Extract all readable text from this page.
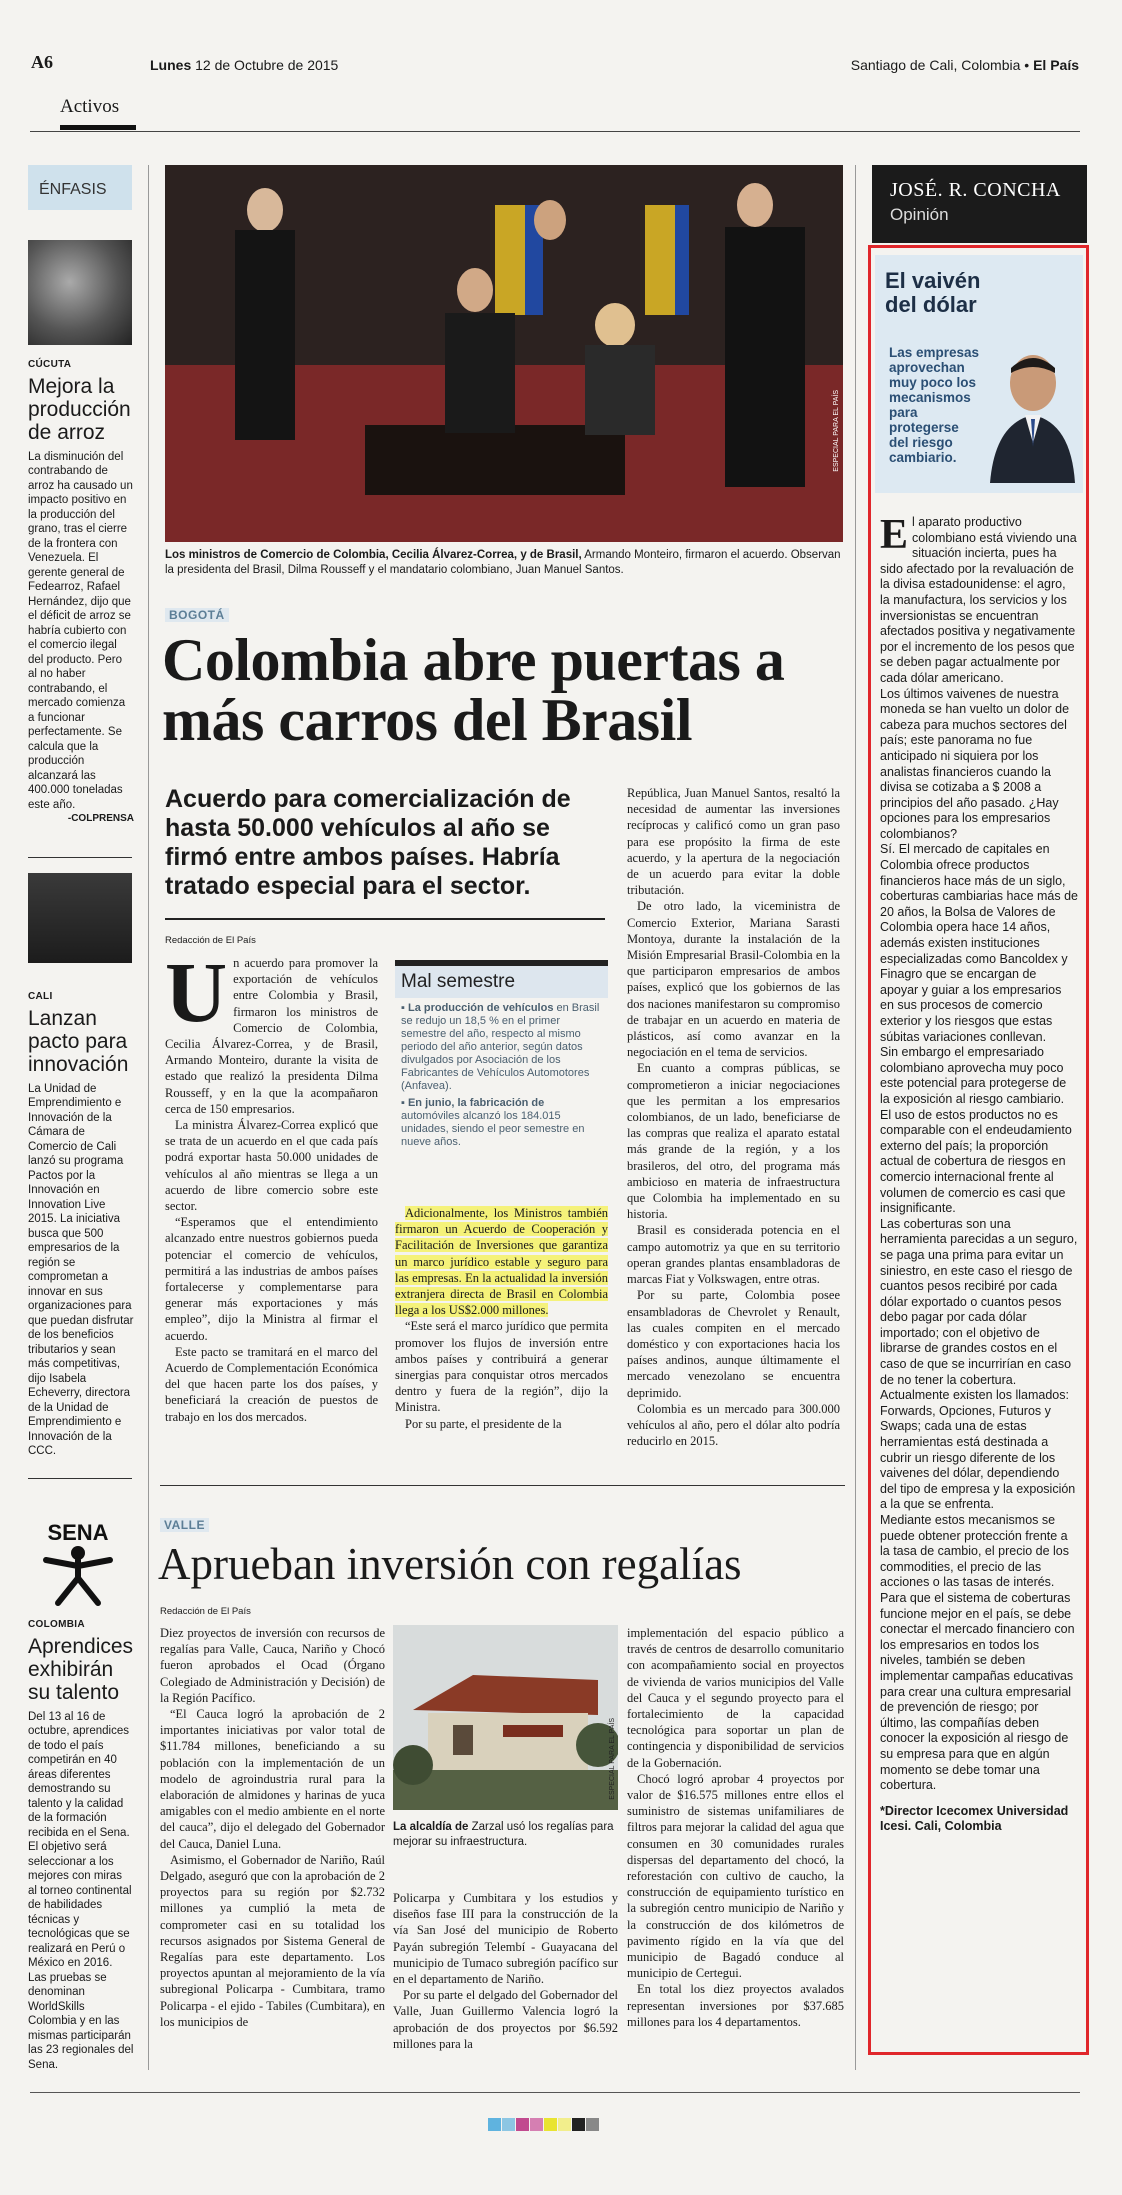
A6	Lunes 12 de Octubre de 2015	Santiago de Cali, Colombia • El País
Activos
ÉNFASIS
CÚCUTA
Mejora la producción de arroz
La disminución del contrabando de arroz ha causado un impacto positivo en la producción del grano, tras el cierre de la frontera con Venezuela. El gerente general de Fedearroz, Rafael Hernández, dijo que el déficit de arroz se habría cubierto con el comercio ilegal del producto. Pero al no haber contrabando, el mercado comienza a funcionar perfectamente. Se calcula que la producción alcanzará las 400.000 toneladas este año.
-COLPRENSA
CALI
Lanzan pacto para innovación
La Unidad de Emprendimiento e Innovación de la Cámara de Comercio de Cali lanzó su programa Pactos por la Innovación en Innovation Live 2015. La iniciativa busca que 500 empresarios de la región se comprometan a innovar en sus organizaciones para que puedan disfrutar de los beneficios tributarios y sean más competitivas, dijo Isabela Echeverry, directora de la Unidad de Emprendimiento e Innovación de la CCC.
SENA
COLOMBIA
Aprendices exhibirán su talento
Del 13 al 16 de octubre, aprendices de todo el país competirán en 40 áreas diferentes demostrando su talento y la calidad de la formación recibida en el Sena. El objetivo será seleccionar a los mejores con miras al torneo continental de habilidades técnicas y tecnológicas que se realizará en Perú o México en 2016. Las pruebas se denominan WorldSkills Colombia y en las mismas participarán las 23 regionales del Sena.
ESPECIAL PARA EL PAÍS
Los ministros de Comercio de Colombia, Cecilia Álvarez-Correa, y de Brasil, Armando Monteiro, firmaron el acuerdo. Observan la presidenta del Brasil, Dilma Rousseff y el mandatario colombiano, Juan Manuel Santos.
BOGOTÁ
Colombia abre puertas a más carros del Brasil
Acuerdo para comercialización de hasta 50.000 vehículos al año se firmó entre ambos países. Habría tratado especial para el sector.
Redacción de El País
U n acuerdo para promover la exportación de vehículos entre Colombia y Brasil, firmaron los ministros de Comercio de Colombia, Cecilia Álvarez-Correa, y de Brasil, Armando Monteiro, durante la visita de estado que realizó la presidenta Dilma Rousseff, y en la que la acompañaron cerca de 150 empresarios.

La ministra Álvarez-Correa explicó que se trata de un acuerdo en el que cada país podrá exportar hasta 50.000 unidades de vehículos al año mientras se llega a un acuerdo de libre comercio sobre este sector.

“Esperamos que el entendimiento alcanzado entre nuestros gobiernos pueda potenciar el comercio de vehículos, permitirá a las industrias de ambos países fortalecerse y complementarse para generar más exportaciones y más empleo”, dijo la Ministra al firmar el acuerdo.

Este pacto se tramitará en el marco del Acuerdo de Complementación Económica del que hacen parte los dos países, y beneficiará la creación de puestos de trabajo en los dos mercados.

Mal semestre

▪ La producción de vehículos en Brasil se redujo un 18,5 % en el primer semestre del año, respecto al mismo periodo del año anterior, según datos divulgados por Asociación de los Fabricantes de Vehículos Automotores (Anfavea).

▪ En junio, la fabricación de automóviles alcanzó los 184.015 unidades, siendo el peor semestre en nueve años.

Adicionalmente, los Ministros también firmaron un Acuerdo de Cooperación y Facilitación de Inversiones que garantiza un marco jurídico estable y seguro para las empresas. En la actualidad la inversión extranjera directa de Brasil en Colombia llega a los US$2.000 millones.

“Este será el marco jurídico que permita promover los flujos de inversión entre ambos países y contribuirá a generar sinergias para conquistar otros mercados dentro y fuera de la región”, dijo la Ministra.

Por su parte, el presidente de la

República, Juan Manuel Santos, resaltó la necesidad de aumentar las inversiones recíprocas y calificó como un gran paso para ese propósito la firma de este acuerdo, y la apertura de la negociación de un acuerdo para evitar la doble tributación.

De otro lado, la viceministra de Comercio Exterior, Mariana Sarasti Montoya, durante la instalación de la Misión Empresarial Brasil-Colombia en la que participaron empresarios de ambos países, explicó que los gobiernos de las dos naciones manifestaron su compromiso de trabajar en un acuerdo en materia de plásticos, así como avanzar en la negociación en el tema de servicios.

En cuanto a compras públicas, se comprometieron a iniciar negociaciones que les permitan a los empresarios colombianos, de un lado, beneficiarse de las compras que realiza el aparato estatal más grande de la región, y a los brasileros, del otro, del programa más ambicioso en materia de infraestructura que Colombia ha implementado en su historia.

Brasil es considerada potencia en el campo automotriz ya que en su territorio operan grandes plantas ensambladoras de marcas Fiat y Volkswagen, entre otras.

Por su parte, Colombia posee ensambladoras de Chevrolet y Renault, las cuales compiten en el mercado doméstico y con exportaciones hacia los países andinos, aunque últimamente el mercado venezolano se encuentra deprimido.

Colombia es un mercado para 300.000 vehículos al año, pero el dólar alto podría reducirlo en 2015.

VALLE
Aprueban inversión con regalías
Redacción de El País

Diez proyectos de inversión con recursos de regalías para Valle, Cauca, Nariño y Chocó fueron aprobados el Ocad (Órgano Colegiado de Administración y Decisión) de la Región Pacífico.

“El Cauca logró la aprobación de 2 importantes iniciativas por valor total de $11.784 millones, beneficiando a su población con la implementación de un modelo de agroindustria rural para la elaboración de almidones y harinas de yuca amigables con el medio ambiente en el norte del cauca”, dijo el delegado del Gobernador del Cauca, Daniel Luna.

Asimismo, el Gobernador de Nariño, Raúl Delgado, aseguró que con la aprobación de 2 proyectos para su región por $2.732 millones ya cumplió la meta de comprometer casi en su totalidad los recursos asignados por Sistema General de Regalías para este departamento. Los proyectos apuntan al mejoramiento de la vía subregional Policarpa - Cumbitara, tramo Policarpa - el ejido - Tabiles (Cumbitara), en los municipios de

ESPECIAL PARA EL PAÍS
La alcaldía de Zarzal usó los regalías para mejorar su infraestructura.

Policarpa y Cumbitara y los estudios y diseños fase III para la construcción de la vía San José del municipio de Roberto Payán subregión Telembí - Guayacana del municipio de Tumaco subregión pacífico sur en el departamento de Nariño.

Por su parte el delgado del Gobernador del Valle, Juan Guillermo Valencia logró la aprobación de dos proyectos por $6.592 millones para la

implementación del espacio público a través de centros de desarrollo comunitario con acompañamiento social en proyectos de vivienda de varios municipios del Valle del Cauca y el segundo proyecto para el fortalecimiento de la capacidad tecnológica para soportar un plan de contingencia y disponibilidad de servicios de la Gobernación.

Chocó logró aprobar 4 proyectos por valor de $16.575 millones entre ellos el suministro de sistemas unifamiliares de filtros para mejorar la calidad del agua que consumen en 30 comunidades rurales dispersas del departamento del chocó, la reforestación con cultivo de caucho, la construcción de equipamiento turístico en la subregión centro municipio de Nariño y la construcción de dos kilómetros de pavimento rígido en la vía que del municipio de Bagadó conduce al municipio de Certegui.

En total los diez proyectos avalados representan inversiones por $37.685 millones para los 4 departamentos.

JOSÉ. R. CONCHA
Opinión
El vaivén del dólar
Las empresas aprovechan muy poco los mecanismos para protegerse del riesgo cambiario.
E l aparato productivo colombiano está viviendo una situación incierta, pues ha sido afectado por la revaluación de la divisa estadounidense: el agro, la manufactura, los servicios y los inversionistas se encuentran afectados positiva y negativamente por el incremento de los pesos que se deben pagar actualmente por cada dólar americano.

Los últimos vaivenes de nuestra moneda se han vuelto un dolor de cabeza para muchos sectores del país; este panorama no fue anticipado ni siquiera por los analistas financieros cuando la divisa se cotizaba a $ 2008 a principios del año pasado. ¿Hay opciones para los empresarios colombianos?

Sí. El mercado de capitales en Colombia ofrece productos financieros hace más de un siglo, coberturas cambiarias hace más de 20 años, la Bolsa de Valores de Colombia opera hace 14 años, además existen instituciones especializadas como Bancoldex y Finagro que se encargan de apoyar y guiar a los empresarios en sus procesos de comercio exterior y los riesgos que estas súbitas variaciones conllevan.

Sin embargo el empresariado colombiano aprovecha muy poco este potencial para protegerse de la exposición al riesgo cambiario.

El uso de estos productos no es comparable con el endeudamiento externo del país; la proporción actual de cobertura de riesgos en comercio internacional frente al volumen de comercio es casi que insignificante.

Las coberturas son una herramienta parecidas a un seguro, se paga una prima para evitar un siniestro, en este caso el riesgo de cuantos pesos recibiré por cada dólar exportado o cuantos pesos debo pagar por cada dólar importado; con el objetivo de librarse de grandes costos en el caso de que se incurrirían en caso de no tener la cobertura.

Actualmente existen los llamados: Forwards, Opciones, Futuros y Swaps; cada una de estas herramientas está destinada a cubrir un riesgo diferente de los vaivenes del dólar, dependiendo del tipo de empresa y la exposición a la que se enfrenta.

Mediante estos mecanismos se puede obtener protección frente a la tasa de cambio, el precio de los commodities, el precio de las acciones o las tasas de interés.

Para que el sistema de coberturas funcione mejor en el país, se debe conectar el mercado financiero con los empresarios en todos los niveles, también se deben implementar campañas educativas para crear una cultura empresarial de prevención de riesgo; por último, las compañías deben conocer la exposición al riesgo de su empresa para que en algún momento se debe tomar una cobertura.

*Director Icecomex Universidad Icesi. Cali, Colombia
